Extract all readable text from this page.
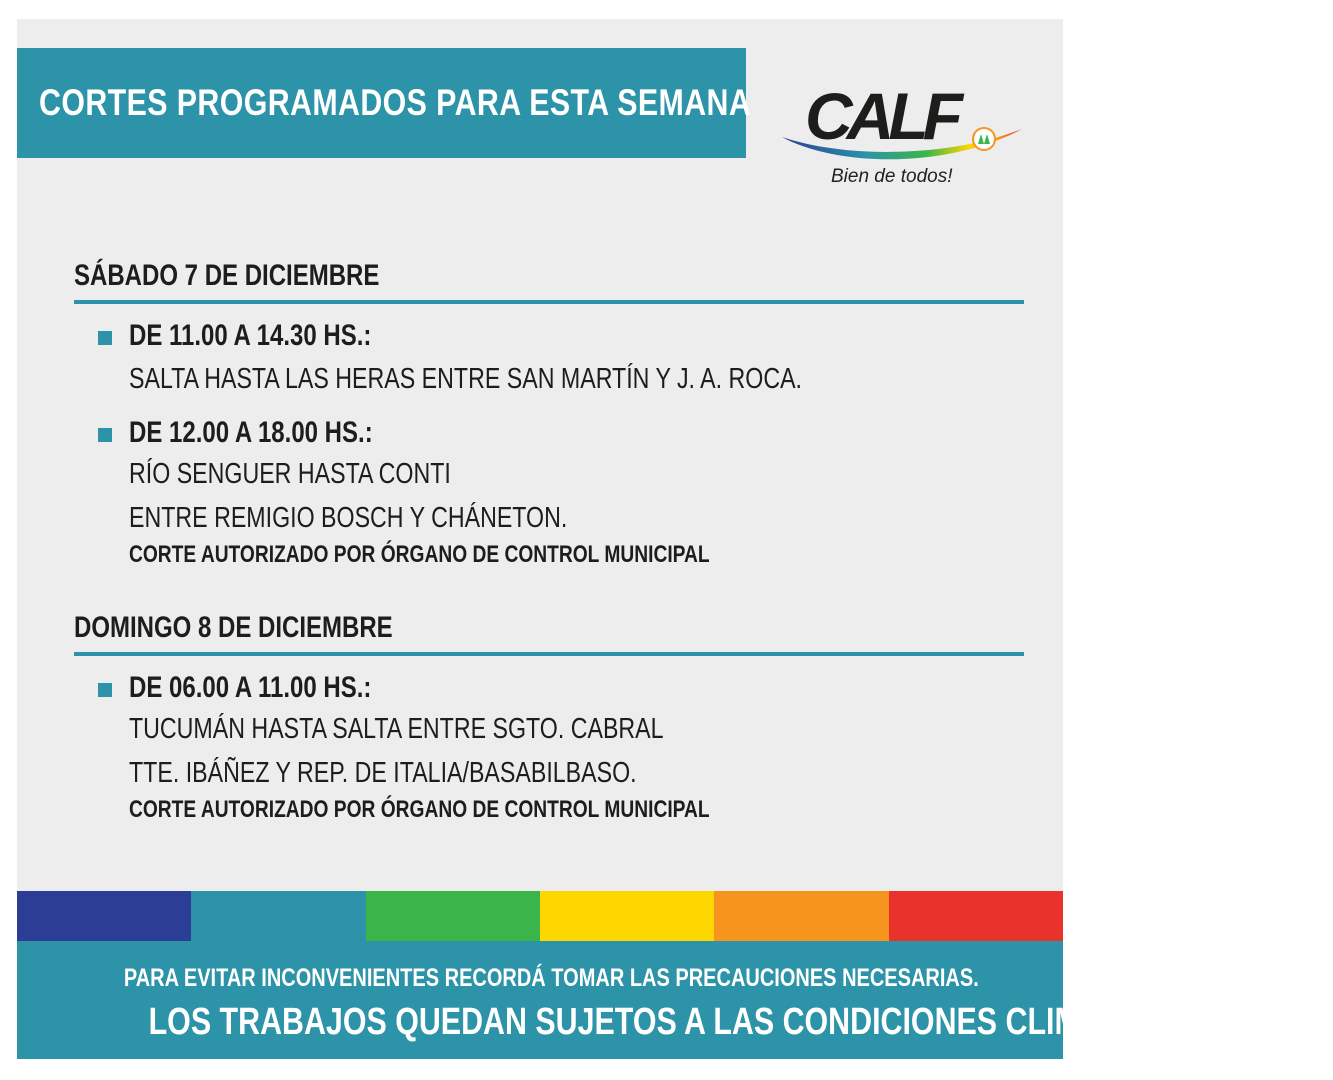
CORTES PROGRAMADOS PARA ESTA SEMANA CALF
Bien de todos!
SÁBADO 7 DE DICIEMBRE
DE 11.00 A 14.30 HS.:
SALTA HASTA LAS HERAS ENTRE SAN MARTÍN Y J. A. ROCA.
DE 12.00 A 18.00 HS.:
RÍO SENGUER HASTA CONTI
ENTRE REMIGIO BOSCH Y CHÁNETON.
CORTE AUTORIZADO POR ÓRGANO DE CONTROL MUNICIPAL
DOMINGO 8 DE DICIEMBRE
DE 06.00 A 11.00 HS.:
TUCUMÁN HASTA SALTA ENTRE SGTO. CABRAL
TTE. IBÁÑEZ Y REP. DE ITALIA/BASABILBASO.
CORTE AUTORIZADO POR ÓRGANO DE CONTROL MUNICIPAL
PARA EVITAR INCONVENIENTES RECORDÁ TOMAR LAS PRECAUCIONES NECESARIAS.
LOS TRABAJOS QUEDAN SUJETOS A LAS CONDICIONES CLIMÁTICAS.
